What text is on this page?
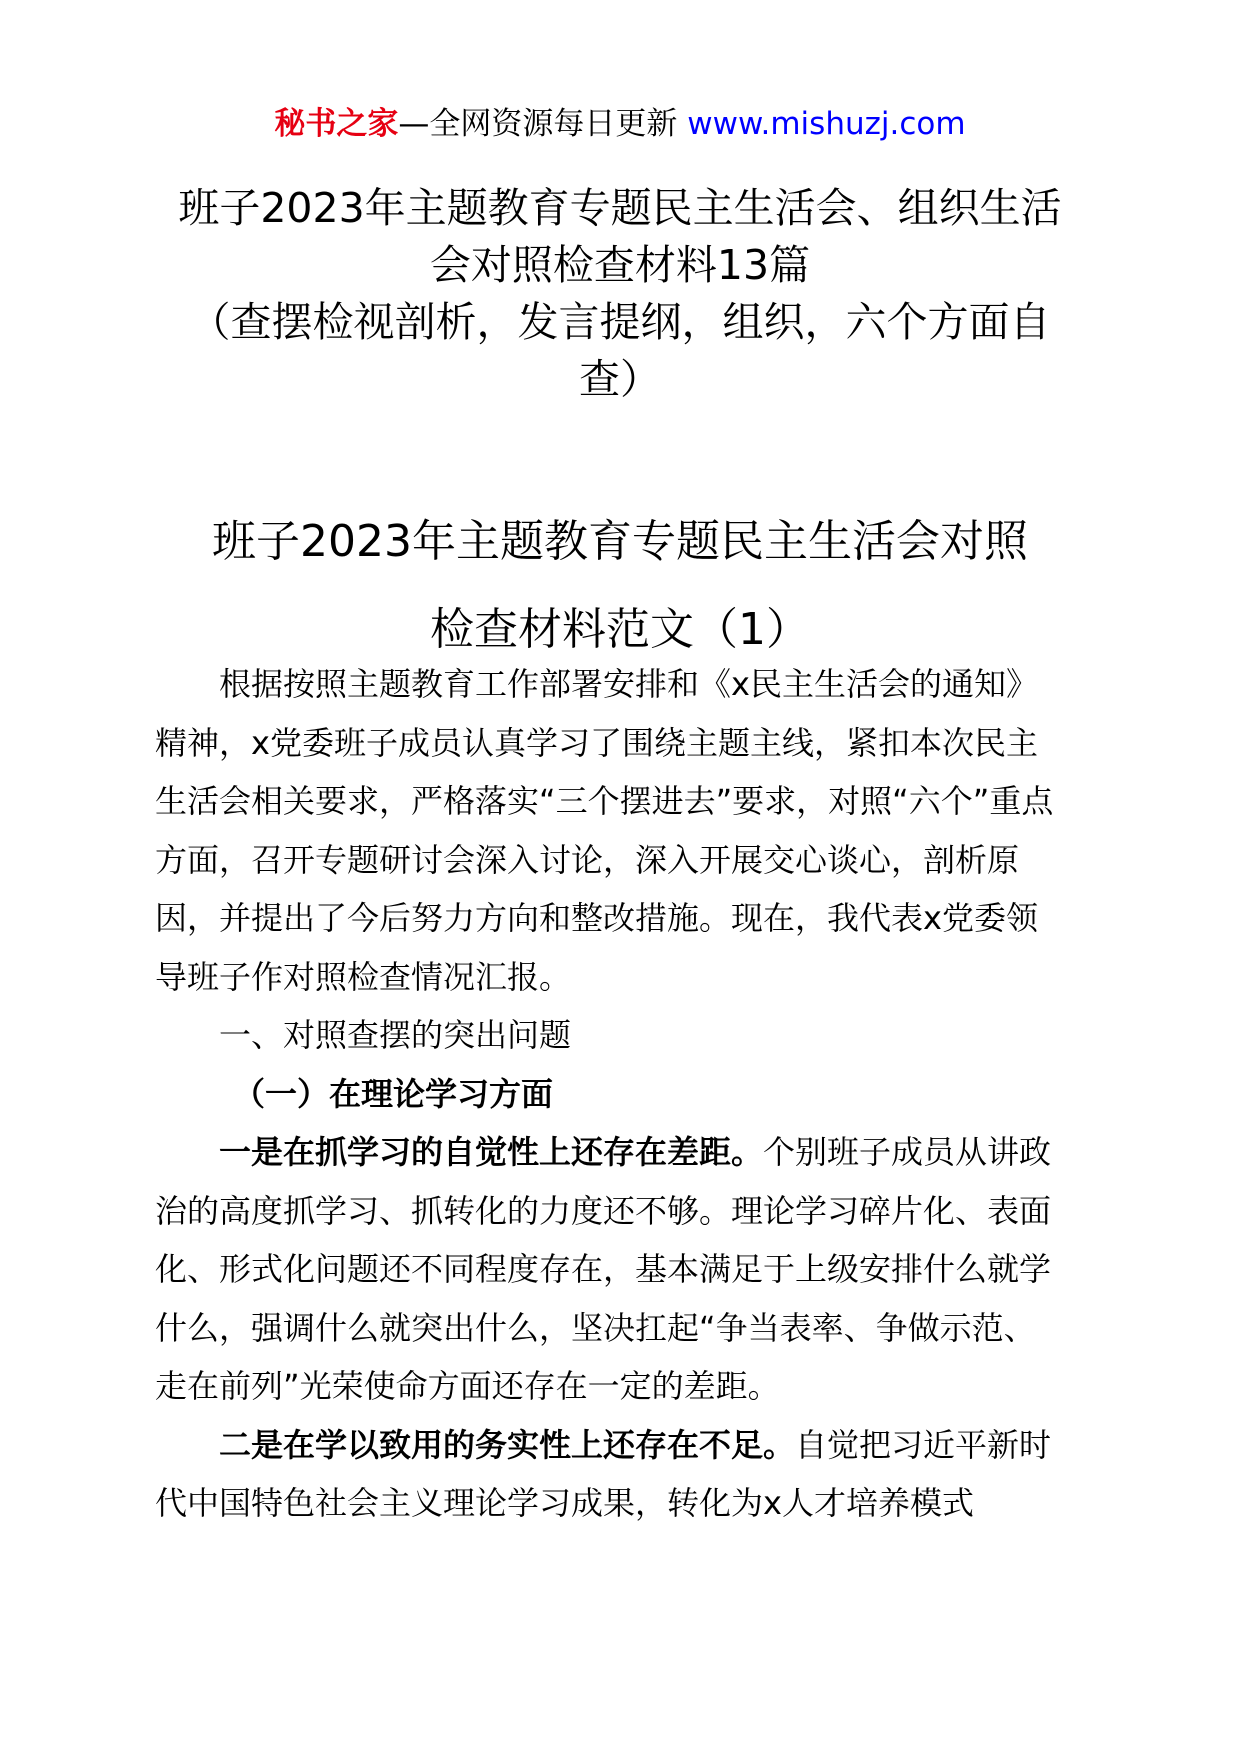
秘书之家—全网资源每日更新 www.mishuzj.com
班子2023年主题教育专题民主生活会、组织生活
会对照检查材料13篇
（查摆检视剖析，发言提纲，组织，六个方面自
查）
班子2023年主题教育专题民主生活会对照
检查材料范文（1）

根据按照主题教育工作部署安排和《x民主生活会的通知》精神，x党委班子成员认真学习了围绕主题主线，紧扣本次民主生活会相关要求，严格落实“三个摆进去”要求，对照“六个”重点方面，召开专题研讨会深入讨论，深入开展交心谈心，剖析原因，并提出了今后努力方向和整改措施。现在，我代表x党委领导班子作对照检查情况汇报。

一、对照查摆的突出问题

（一）在理论学习方面

一是在抓学习的自觉性上还存在差距。个别班子成员从讲政治的高度抓学习、抓转化的力度还不够。理论学习碎片化、表面化、形式化问题还不同程度存在，基本满足于上级安排什么就学什么，强调什么就突出什么，坚决扛起“争当表率、争做示范、走在前列”光荣使命方面还存在一定的差距。

二是在学以致用的务实性上还存在不足。自觉把习近平新时代中国特色社会主义理论学习成果，转化为x人才培养模式
